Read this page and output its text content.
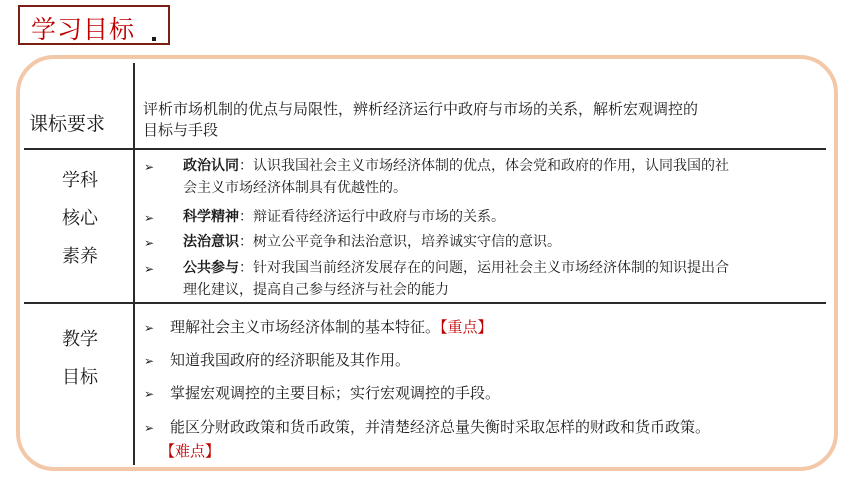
学习目标
课标要求
评析市场机制的优点与局限性，辨析经济运行中政府与市场的关系，解析宏观调控的
目标与手段
学科
核心
素养
➢ 政治认同：认识我国社会主义市场经济体制的优点，体会党和政府的作用，认同我国的社
会主义市场经济体制具有优越性的。
➢ 科学精神：辩证看待经济运行中政府与市场的关系。
➢ 法治意识：树立公平竞争和法治意识，培养诚实守信的意识。
➢ 公共参与：针对我国当前经济发展存在的问题，运用社会主义市场经济体制的知识提出合
理化建议，提高自己参与经济与社会的能力
教学
目标
➢ 理解社会主义市场经济体制的基本特征。【重点】
➢ 知道我国政府的经济职能及其作用。
➢ 掌握宏观调控的主要目标；实行宏观调控的手段。
➢ 能区分财政政策和货币政策，并清楚经济总量失衡时采取怎样的财政和货币政策。
【难点】
